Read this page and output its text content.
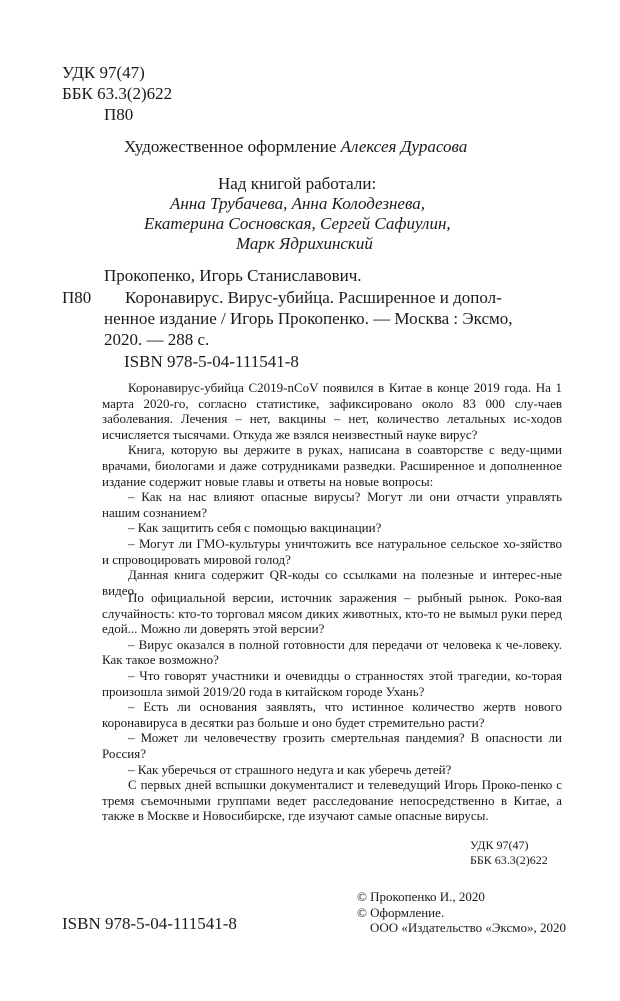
УДК 97(47)
ББК 63.3(2)622
П80
Художественное оформление Алексея Дурасова
Над книгой работали:
Анна Трубачева, Анна Колодезнева,
Екатерина Сосновская, Сергей Сафиулин,
Марк Ядрихинский
Прокопенко, Игорь Станиславович.
П80 Коронавирус. Вирус-убийца. Расширенное и допол-
ненное издание / Игорь Прокопенко. — Москва : Эксмо,
2020. — 288 с.
ISBN 978-5-04-111541-8

Коронавирус-убийца C2019-nCoV появился в Китае в конце 2019 года. На 1 марта 2020-го, согласно статистике, зафиксировано около 83 000 слу-чаев заболевания. Лечения – нет, вакцины – нет, количество летальных ис-ходов исчисляется тысячами. Откуда же взялся неизвестный науке вирус?

Книга, которую вы держите в руках, написана в соавторстве с веду-щими врачами, биологами и даже сотрудниками разведки. Расширенное и дополненное издание содержит новые главы и ответы на новые вопросы:

– Как на нас влияют опасные вирусы? Могут ли они отчасти управлять нашим сознанием?

– Как защитить себя с помощью вакцинации?

– Могут ли ГМО-культуры уничтожить все натуральное сельское хо-зяйство и спровоцировать мировой голод?

Данная книга содержит QR-коды со ссылками на полезные и интерес-ные видео.

По официальной версии, источник заражения – рыбный рынок. Роко-вая случайность: кто-то торговал мясом диких животных, кто-то не вымыл руки перед едой... Можно ли доверять этой версии?

– Вирус оказался в полной готовности для передачи от человека к че-ловеку. Как такое возможно?

– Что говорят участники и очевидцы о странностях этой трагедии, ко-торая произошла зимой 2019/20 года в китайском городе Ухань?

– Есть ли основания заявлять, что истинное количество жертв нового коронавируса в десятки раз больше и оно будет стремительно расти?

– Может ли человечеству грозить смертельная пандемия? В опасности ли Россия?

– Как уберечься от страшного недуга и как уберечь детей?

С первых дней вспышки документалист и телеведущий Игорь Проко-пенко с тремя съемочными группами ведет расследование непосредственно в Китае, а также в Москве и Новосибирске, где изучают самые опасные вирусы.

УДК 97(47)
ББК 63.3(2)622
© Прокопенко И., 2020
© Оформление.
ISBN 978-5-04-111541-8	ООО «Издательство «Эксмо», 2020
